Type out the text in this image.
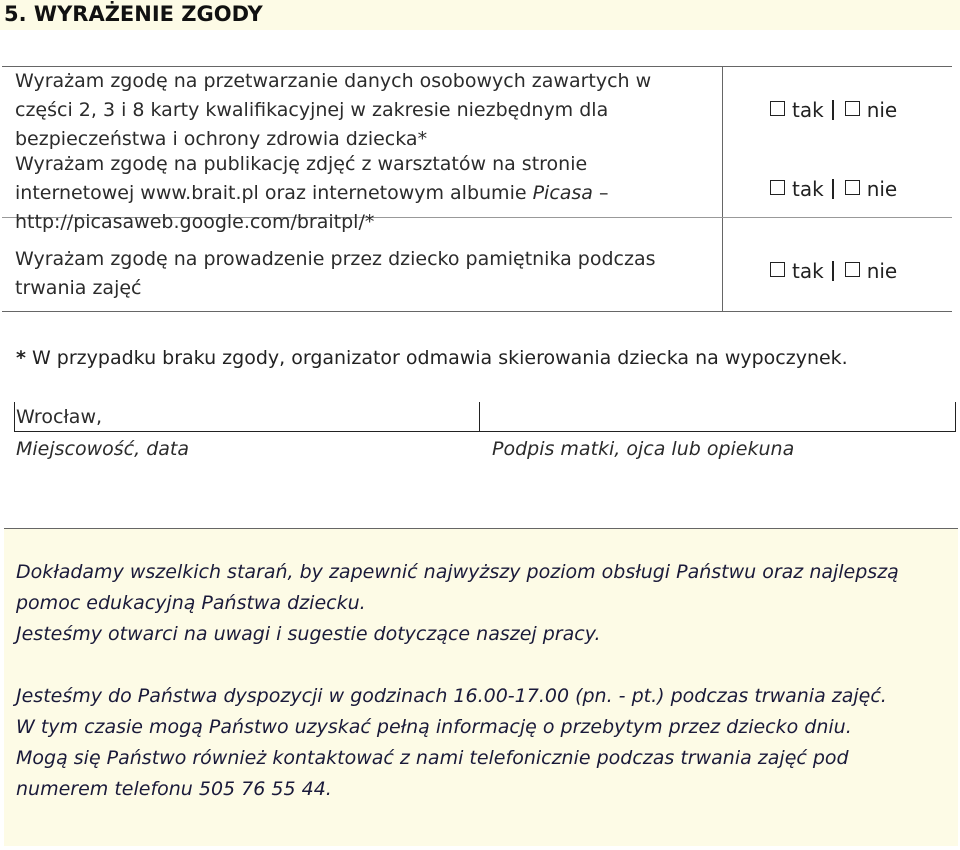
5. WYRAŻENIE ZGODY
Wyrażam zgodę na przetwarzanie danych osobowych zawartych w
części 2, 3 i 8 karty kwalifikacyjnej w zakresie niezbędnym dla
bezpieczeństwa i ochrony zdrowia dziecka*
tak nie
Wyrażam zgodę na publikację zdjęć z warsztatów na stronie
internetowej www.brait.pl oraz internetowym albumie Picasa –
http://picasaweb.google.com/braitpl/*
tak nie
Wyrażam zgodę na prowadzenie przez dziecko pamiętnika podczas
trwania zajęć
tak nie
* W przypadku braku zgody, organizator odmawia skierowania dziecka na wypoczynek.
Wrocław,
Miejscowość, data	Podpis matki, ojca lub opiekuna
Dokładamy wszelkich starań, by zapewnić najwyższy poziom obsługi Państwu oraz najlepszą
pomoc edukacyjną Państwa dziecku.
Jesteśmy otwarci na uwagi i sugestie dotyczące naszej pracy.
Jesteśmy do Państwa dyspozycji w godzinach 16.00-17.00 (pn. - pt.) podczas trwania zajęć.
W tym czasie mogą Państwo uzyskać pełną informację o przebytym przez dziecko dniu.
Mogą się Państwo również kontaktować z nami telefonicznie podczas trwania zajęć pod
numerem telefonu 505 76 55 44.
